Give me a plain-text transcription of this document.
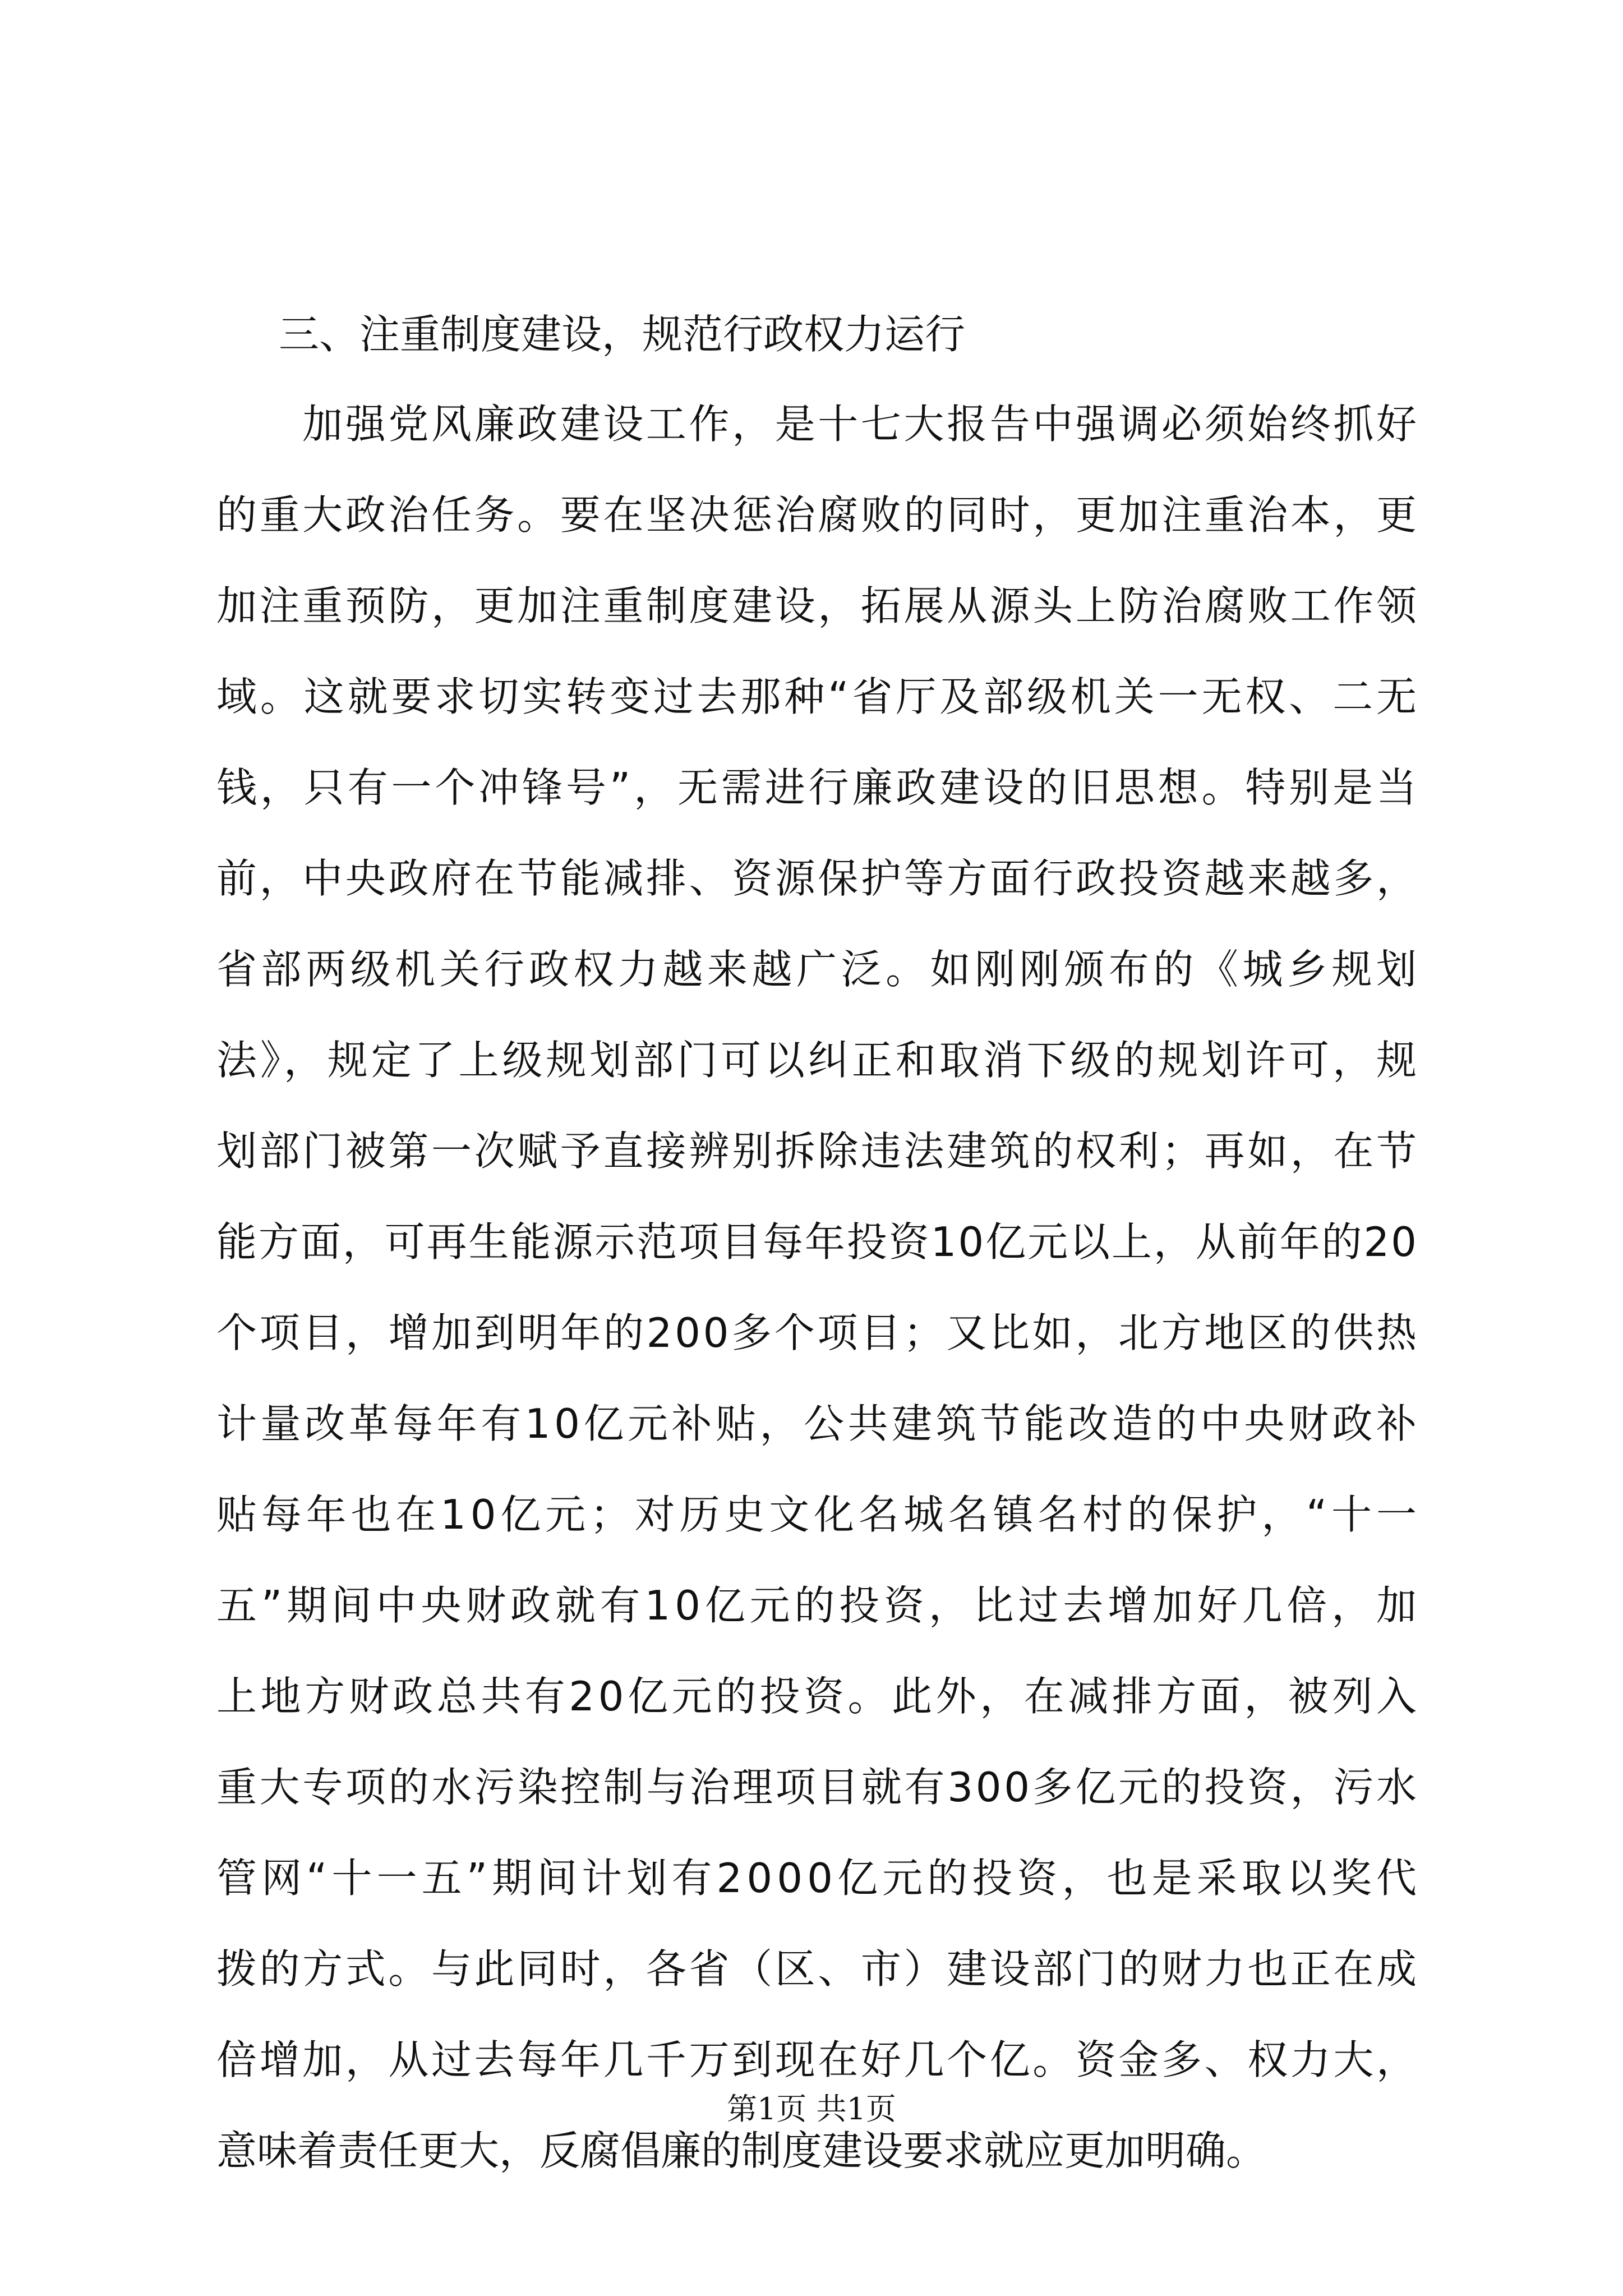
三、注重制度建设，规范行政权力运行
　　加强党风廉政建设工作，是十七大报告中强调必须始终抓好
的重大政治任务。要在坚决惩治腐败的同时，更加注重治本，更
加注重预防，更加注重制度建设，拓展从源头上防治腐败工作领
域。这就要求切实转变过去那种“省厅及部级机关一无权、二无
钱，只有一个冲锋号”，无需进行廉政建设的旧思想。特别是当
前，中央政府在节能减排、资源保护等方面行政投资越来越多，
省部两级机关行政权力越来越广泛。如刚刚颁布的《城乡规划
法》，规定了上级规划部门可以纠正和取消下级的规划许可，规
划部门被第一次赋予直接辨别拆除违法建筑的权利；再如，在节
能方面，可再生能源示范项目每年投资10亿元以上，从前年的20
个项目，增加到明年的200多个项目；又比如，北方地区的供热
计量改革每年有10亿元补贴，公共建筑节能改造的中央财政补
贴每年也在10亿元；对历史文化名城名镇名村的保护，“十一
五”期间中央财政就有10亿元的投资，比过去增加好几倍，加
上地方财政总共有20亿元的投资。此外，在减排方面，被列入
重大专项的水污染控制与治理项目就有300多亿元的投资，污水
管网“十一五”期间计划有2000亿元的投资，也是采取以奖代
拨的方式。与此同时，各省（区、市）建设部门的财力也正在成
倍增加，从过去每年几千万到现在好几个亿。资金多、权力大，
意味着责任更大，反腐倡廉的制度建设要求就应更加明确。
第1页 共1页
